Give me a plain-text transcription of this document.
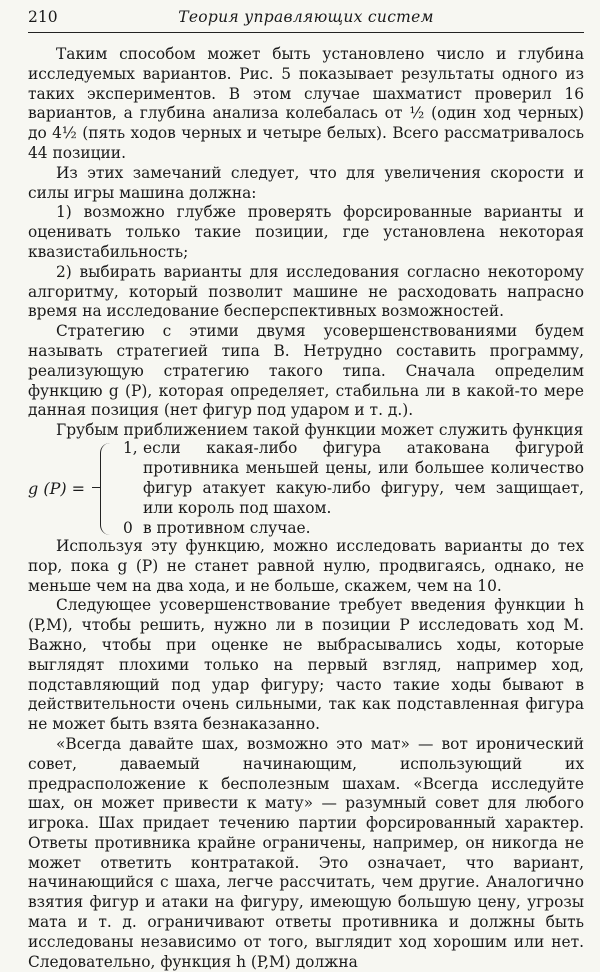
210	Теория управляющих систем

Таким способом может быть установлено число и глубина исследуемых вариантов. Рис. 5 показывает результаты одного из таких экспериментов. В этом случае шахматист проверил 16 вариантов, а глубина анализа колебалась от ½ (один ход черных) до 4½ (пять ходов черных и четыре белых). Всего рассматривалось 44 позиции.

Из этих замечаний следует, что для увеличения скорости и силы игры машина должна:

1) возможно глубже проверять форсированные варианты и оценивать только такие позиции, где установлена некоторая квазистабильность;

2) выбирать варианты для исследования согласно некоторому алгоритму, который позволит машине не расходовать напрасно время на исследование бесперспективных возможностей.

Стратегию с этими двумя усовершенствованиями будем называть стратегией типа B. Нетрудно составить программу, реализующую стратегию такого типа. Сначала определим функцию g (P), которая определяет, стабильна ли в какой-то мере данная позиция (нет фигур под ударом и т. д.).

Грубым приближением такой функции может служить функция

g (P) =
1, если какая-либо фигура атакована фигурой противника меньшей цены, или большее количество фигур атакует какую-либо фигуру, чем защищает, или король под шахом.
0 в противном случае.

Используя эту функцию, можно исследовать варианты до тех пор, пока g (P) не станет равной нулю, продвигаясь, однако, не меньше чем на два хода, и не больше, скажем, чем на 10.

Следующее усовершенствование требует введения функции h (P,M), чтобы решить, нужно ли в позиции P исследовать ход M. Важно, чтобы при оценке не выбрасывались ходы, которые выглядят плохими только на первый взгляд, например ход, подставляющий под удар фигуру; часто такие ходы бывают в действительности очень сильными, так как подставленная фигура не может быть взята безнаказанно.

«Всегда давайте шах, возможно это мат» — вот иронический совет, даваемый начинающим, использующий их предрасположение к бесполезным шахам. «Всегда исследуйте шах, он может привести к мату» — разумный совет для любого игрока. Шах придает течению партии форсированный характер. Ответы противника крайне ограничены, например, он никогда не может ответить контратакой. Это означает, что вариант, начинающийся с шаха, легче рассчитать, чем другие. Аналогично взятия фигур и атаки на фигуру, имеющую большую цену, угрозы мата и т. д. ограничивают ответы противника и должны быть исследованы независимо от того, выглядит ход хорошим или нет. Следовательно, функция h (P,M) должна
